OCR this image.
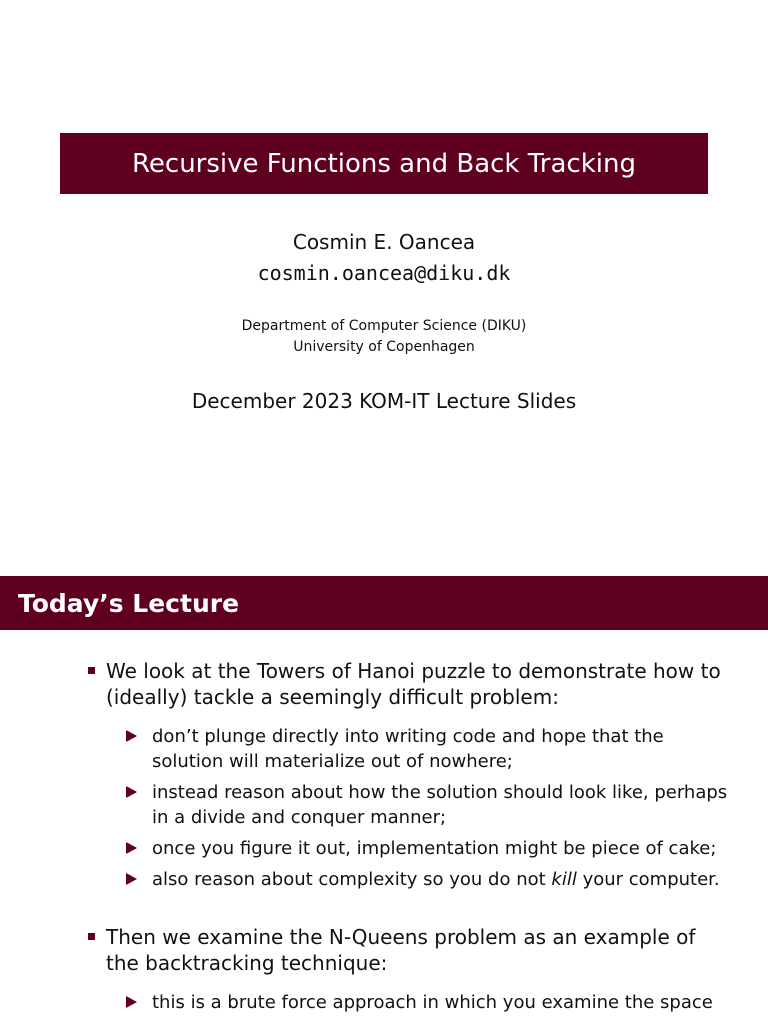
Recursive Functions and Back Tracking
Cosmin E. Oancea
cosmin.oancea@diku.dk
Department of Computer Science (DIKU)
University of Copenhagen
December 2023 KOM-IT Lecture Slides
Today’s Lecture
We look at the Towers of Hanoi puzzle to demonstrate how to (ideally) tackle a seemingly difficult problem:
don’t plunge directly into writing code and hope that the solution will materialize out of nowhere;
instead reason about how the solution should look like, perhaps in a divide and conquer manner;
once you figure it out, implementation might be piece of cake;
also reason about complexity so you do not kill your computer.
Then we examine the N-Queens problem as an example of the backtracking technique:
this is a brute force approach in which you examine the space
